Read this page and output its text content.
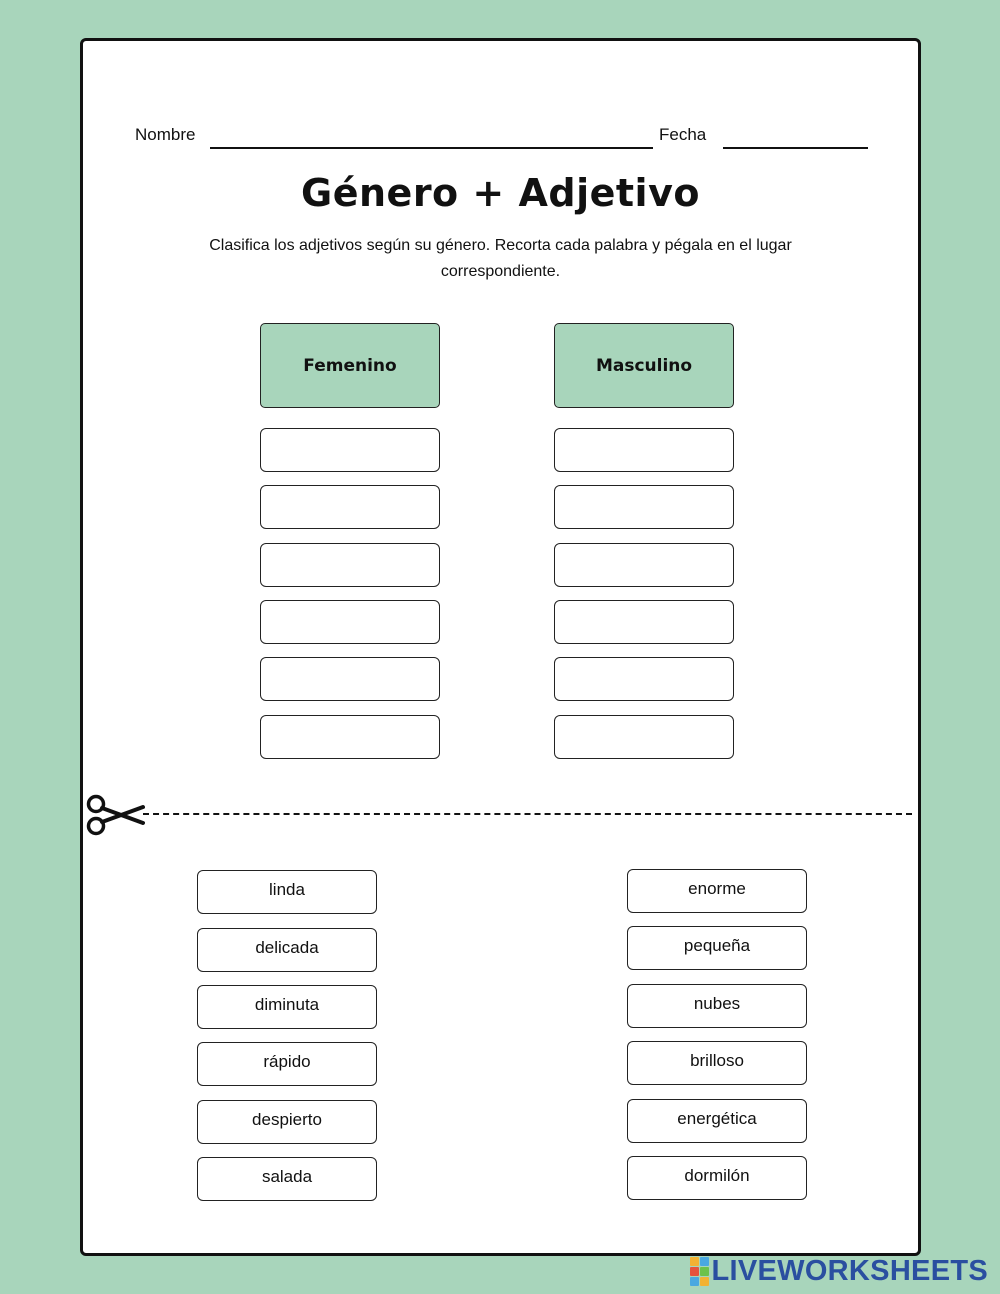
Nombre	Fecha
Género + Adjetivo
Clasifica los adjetivos según su género. Recorta cada palabra y pégala en el lugar correspondiente.
Femenino	Masculino
linda
delicada
diminuta
rápido
despierto
salada
enorme
pequeña
nubes
brilloso
energética
dormilón
LIVEWORKSHEETS
